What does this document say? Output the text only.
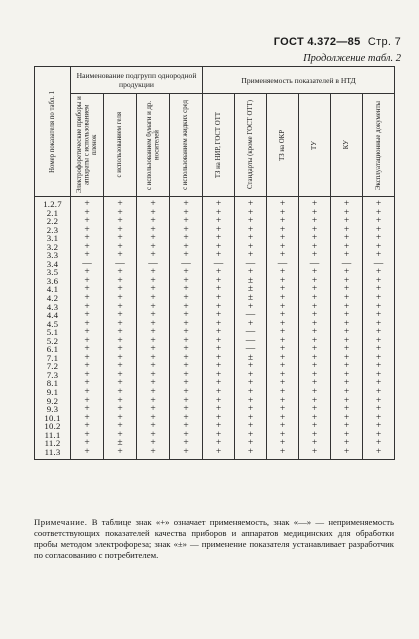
ГОСТ 4.372—85 Стр. 7
Продолжение табл. 2
Номер показателя по табл. 1	Наименование подгрупп однородной продукции				Применяемость показателей в НТД					

	Электрофоретические приборы и аппараты с использованием пленок	с использованием геля	с использованием бумаги и др. носителей	с использованием жидких сред	ТЗ на НИР, ГОСТ ОТТ	Стандарты (кроме ГОСТ ОТТ)	ТЗ на ОКР	ТУ	КУ	Эксплуатационные документы

1.2.7	+	+	+	+	+	+	+	+	+	+
2.1	+	+	+	+	+	+	+	+	+	+
2.2	+	+	+	+	+	+	+	+	+	+
2.3	+	+	+	+	+	+	+	+	+	+
3.1	+	+	+	+	+	+	+	+	+	+
3.2	+	+	+	+	+	+	+	+	+	+
3.3	+	+	+	+	+	+	+	+	+	+
3.4	—	—	—	—	—	—	—	—	—	—
3.5	+	+	+	+	+	+	+	+	+	+
3.6	+	+	+	+	+	±	+	+	+	+
4.1	+	+	+	+	+	±	+	+	+	+
4.2	+	+	+	+	+	±	+	+	+	+
4.3	+	+	+	+	+	+	+	+	+	+
4.4	+	+	+	+	+	—	+	+	+	+
4.5	+	+	+	+	+	+	+	+	+	+
5.1	+	+	+	+	+	—	+	+	+	+
5.2	+	+	+	+	+	—	+	+	+	+
6.1	+	+	+	+	+	—	+	+	+	+
7.1	+	+	+	+	+	±	+	+	+	+
7.2	+	+	+	+	+	+	+	+	+	+
7.3	+	+	+	+	+	+	+	+	+	+
8.1	+	+	+	+	+	+	+	+	+	+
9.1	+	+	+	+	+	+	+	+	+	+
9.2	+	+	+	+	+	+	+	+	+	+
9.3	+	+	+	+	+	+	+	+	+	+
10.1	+	+	+	+	+	+	+	+	+	+
10.2	+	+	+	+	+	+	+	+	+	+
11.1	+	+	+	+	+	+	+	+	+	+
11.2	+	±	+	+	+	+	+	+	+	+
11.3	+	+	+	+	+	+	+	+	+	+
Примечание. В таблице знак «+» означает применяемость, знак «—» — неприменяемость соответствующих показателей качества приборов и аппаратов медицинских для обработки пробы методом электрофореза; знак «±» — применение показателя устанавливает разработчик по согласованию с потребителем.
